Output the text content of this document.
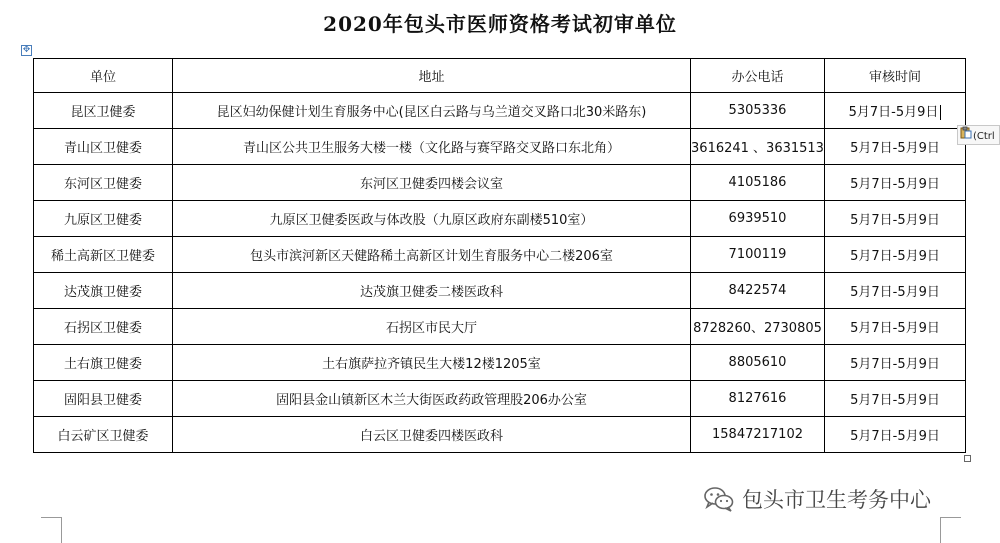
2020年包头市医师资格考试初审单位
✥
单位	地址	办公电话	审核时间
昆区卫健委	昆区妇幼保健计划生育服务中心(昆区白云路与乌兰道交叉路口北30米路东)	5305336	5月7日-5月9日
青山区卫健委	青山区公共卫生服务大楼一楼（文化路与赛罕路交叉路口东北角）	3616241 、3631513	5月7日-5月9日
东河区卫健委	东河区卫健委四楼会议室	4105186	5月7日-5月9日
九原区卫健委	九原区卫健委医政与体改股（九原区政府东副楼510室）	6939510	5月7日-5月9日
稀土高新区卫健委	包头市滨河新区天健路稀土高新区计划生育服务中心二楼206室	7100119	5月7日-5月9日
达茂旗卫健委	达茂旗卫健委二楼医政科	8422574	5月7日-5月9日
石拐区卫健委	石拐区市民大厅	8728260、2730805	5月7日-5月9日
土右旗卫健委	土右旗萨拉齐镇民生大楼12楼1205室	8805610	5月7日-5月9日
固阳县卫健委	固阳县金山镇新区木兰大街医政药政管理股206办公室	8127616	5月7日-5月9日
白云矿区卫健委	白云区卫健委四楼医政科	15847217102	5月7日-5月9日
(Ctrl
包头市卫生考务中心
